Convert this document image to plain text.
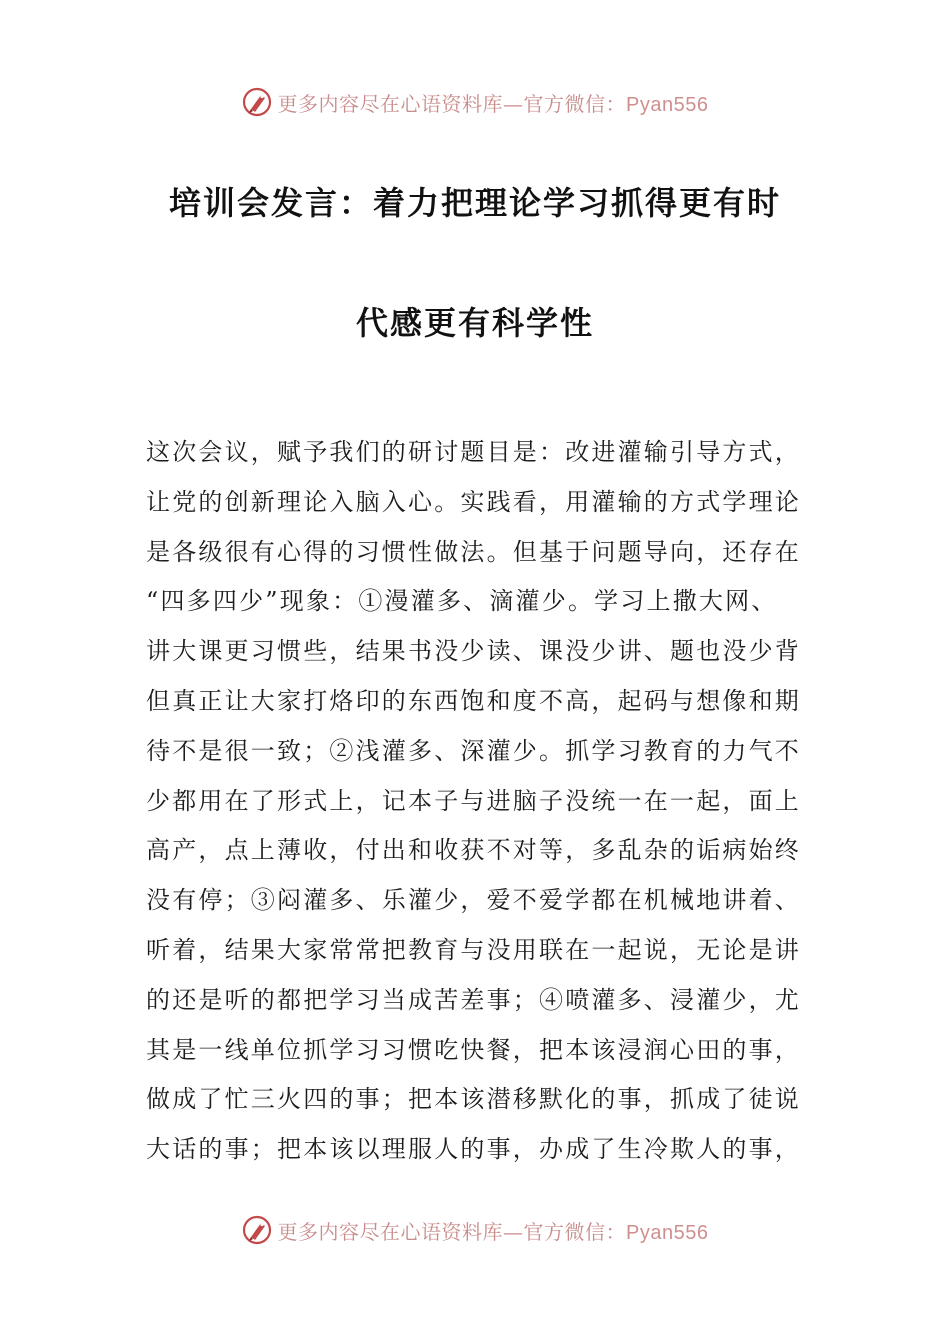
更多内容尽在心语资料库—官方微信：Pyan556
培训会发言：着力把理论学习抓得更有时
代感更有科学性
这次会议，赋予我们的研讨题目是：改进灌输引导方式，
让党的创新理论入脑入心。实践看，用灌输的方式学理论
是各级很有心得的习惯性做法。但基于问题导向，还存在
“四多四少”现象：①漫灌多、滴灌少。学习上撒大网、
讲大课更习惯些，结果书没少读、课没少讲、题也没少背
但真正让大家打烙印的东西饱和度不高，起码与想像和期
待不是很一致；②浅灌多、深灌少。抓学习教育的力气不
少都用在了形式上，记本子与进脑子没统一在一起，面上
高产，点上薄收，付出和收获不对等，多乱杂的诟病始终
没有停；③闷灌多、乐灌少，爱不爱学都在机械地讲着、
听着，结果大家常常把教育与没用联在一起说，无论是讲
的还是听的都把学习当成苦差事；④喷灌多、浸灌少，尤
其是一线单位抓学习习惯吃快餐，把本该浸润心田的事，
做成了忙三火四的事；把本该潜移默化的事，抓成了徒说
大话的事；把本该以理服人的事，办成了生冷欺人的事，
更多内容尽在心语资料库—官方微信：Pyan556
